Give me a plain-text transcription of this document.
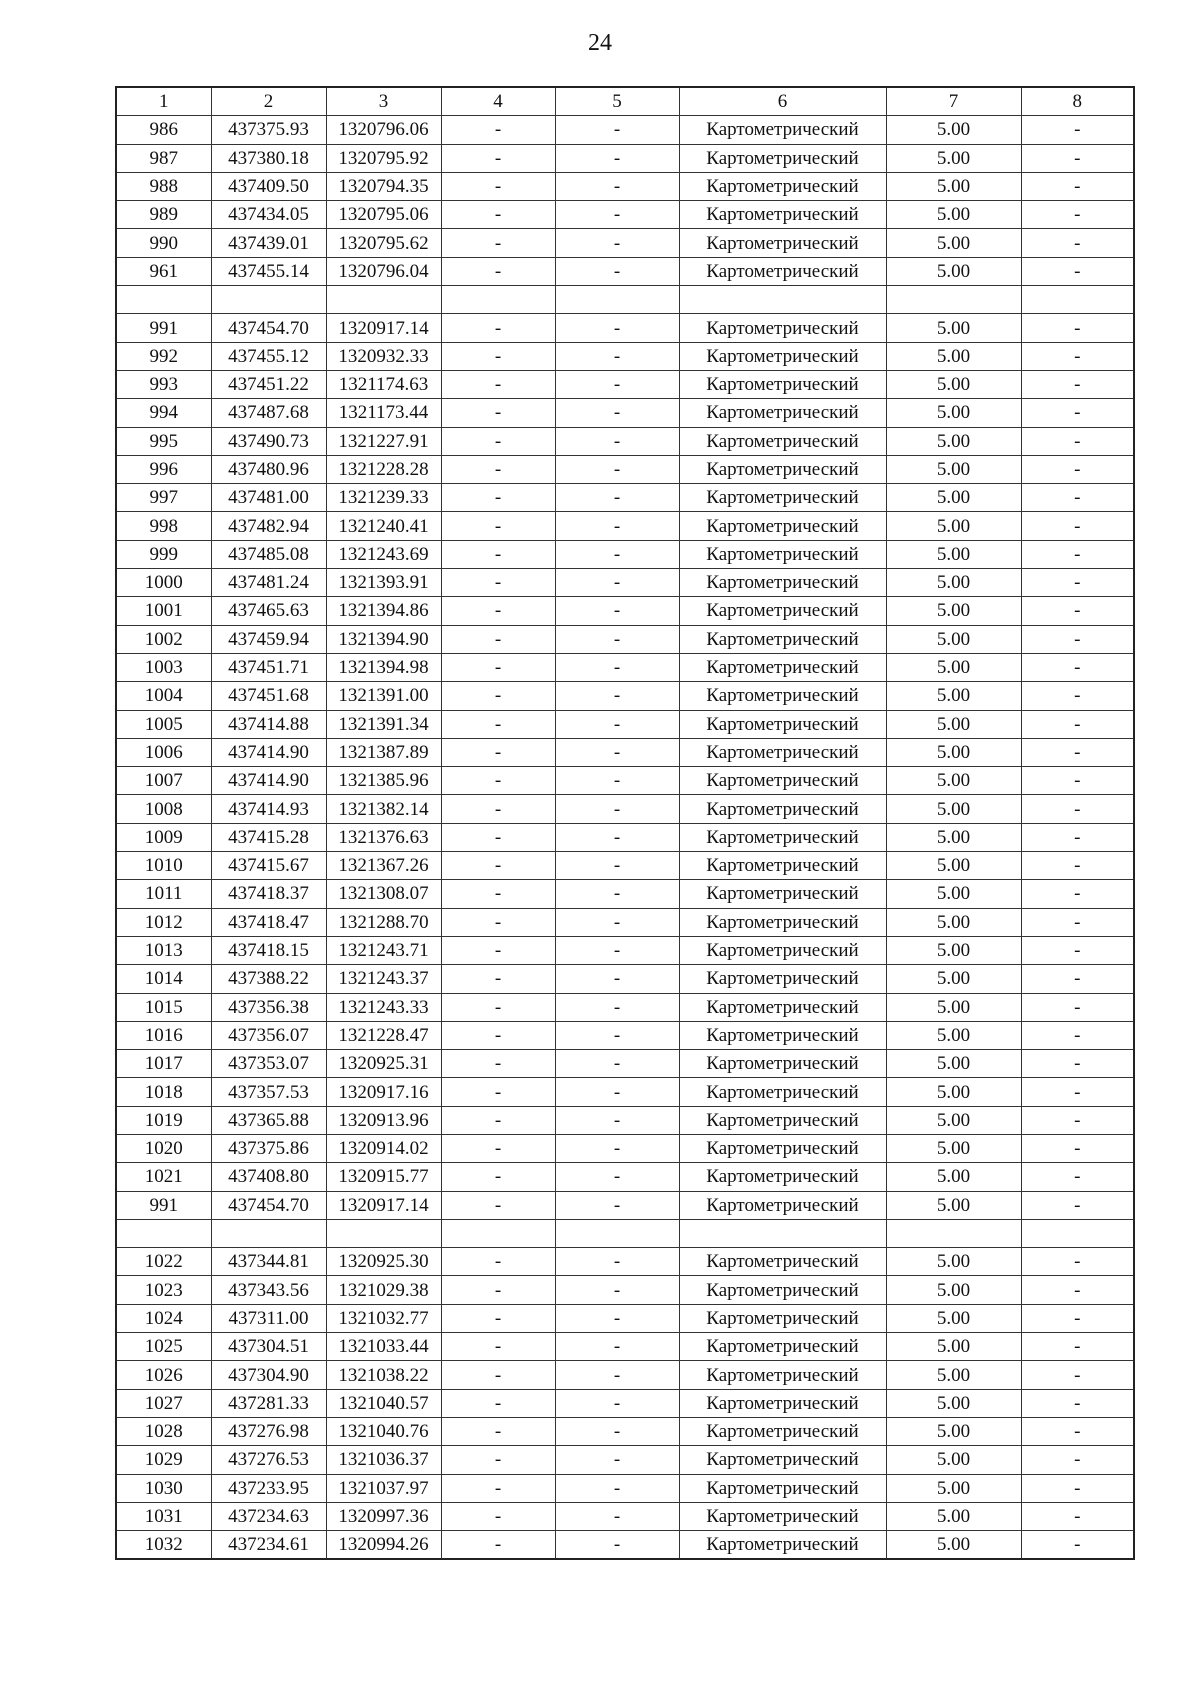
24
1	2	3	4	5	6	7	8
986	437375.93	1320796.06	-	-	Картометрический	5.00	-
987	437380.18	1320795.92	-	-	Картометрический	5.00	-
988	437409.50	1320794.35	-	-	Картометрический	5.00	-
989	437434.05	1320795.06	-	-	Картометрический	5.00	-
990	437439.01	1320795.62	-	-	Картометрический	5.00	-
961	437455.14	1320796.04	-	-	Картометрический	5.00	-

991	437454.70	1320917.14	-	-	Картометрический	5.00	-
992	437455.12	1320932.33	-	-	Картометрический	5.00	-
993	437451.22	1321174.63	-	-	Картометрический	5.00	-
994	437487.68	1321173.44	-	-	Картометрический	5.00	-
995	437490.73	1321227.91	-	-	Картометрический	5.00	-
996	437480.96	1321228.28	-	-	Картометрический	5.00	-
997	437481.00	1321239.33	-	-	Картометрический	5.00	-
998	437482.94	1321240.41	-	-	Картометрический	5.00	-
999	437485.08	1321243.69	-	-	Картометрический	5.00	-
1000	437481.24	1321393.91	-	-	Картометрический	5.00	-
1001	437465.63	1321394.86	-	-	Картометрический	5.00	-
1002	437459.94	1321394.90	-	-	Картометрический	5.00	-
1003	437451.71	1321394.98	-	-	Картометрический	5.00	-
1004	437451.68	1321391.00	-	-	Картометрический	5.00	-
1005	437414.88	1321391.34	-	-	Картометрический	5.00	-
1006	437414.90	1321387.89	-	-	Картометрический	5.00	-
1007	437414.90	1321385.96	-	-	Картометрический	5.00	-
1008	437414.93	1321382.14	-	-	Картометрический	5.00	-
1009	437415.28	1321376.63	-	-	Картометрический	5.00	-
1010	437415.67	1321367.26	-	-	Картометрический	5.00	-
1011	437418.37	1321308.07	-	-	Картометрический	5.00	-
1012	437418.47	1321288.70	-	-	Картометрический	5.00	-
1013	437418.15	1321243.71	-	-	Картометрический	5.00	-
1014	437388.22	1321243.37	-	-	Картометрический	5.00	-
1015	437356.38	1321243.33	-	-	Картометрический	5.00	-
1016	437356.07	1321228.47	-	-	Картометрический	5.00	-
1017	437353.07	1320925.31	-	-	Картометрический	5.00	-
1018	437357.53	1320917.16	-	-	Картометрический	5.00	-
1019	437365.88	1320913.96	-	-	Картометрический	5.00	-
1020	437375.86	1320914.02	-	-	Картометрический	5.00	-
1021	437408.80	1320915.77	-	-	Картометрический	5.00	-
991	437454.70	1320917.14	-	-	Картометрический	5.00	-

1022	437344.81	1320925.30	-	-	Картометрический	5.00	-
1023	437343.56	1321029.38	-	-	Картометрический	5.00	-
1024	437311.00	1321032.77	-	-	Картометрический	5.00	-
1025	437304.51	1321033.44	-	-	Картометрический	5.00	-
1026	437304.90	1321038.22	-	-	Картометрический	5.00	-
1027	437281.33	1321040.57	-	-	Картометрический	5.00	-
1028	437276.98	1321040.76	-	-	Картометрический	5.00	-
1029	437276.53	1321036.37	-	-	Картометрический	5.00	-
1030	437233.95	1321037.97	-	-	Картометрический	5.00	-
1031	437234.63	1320997.36	-	-	Картометрический	5.00	-
1032	437234.61	1320994.26	-	-	Картометрический	5.00	-
